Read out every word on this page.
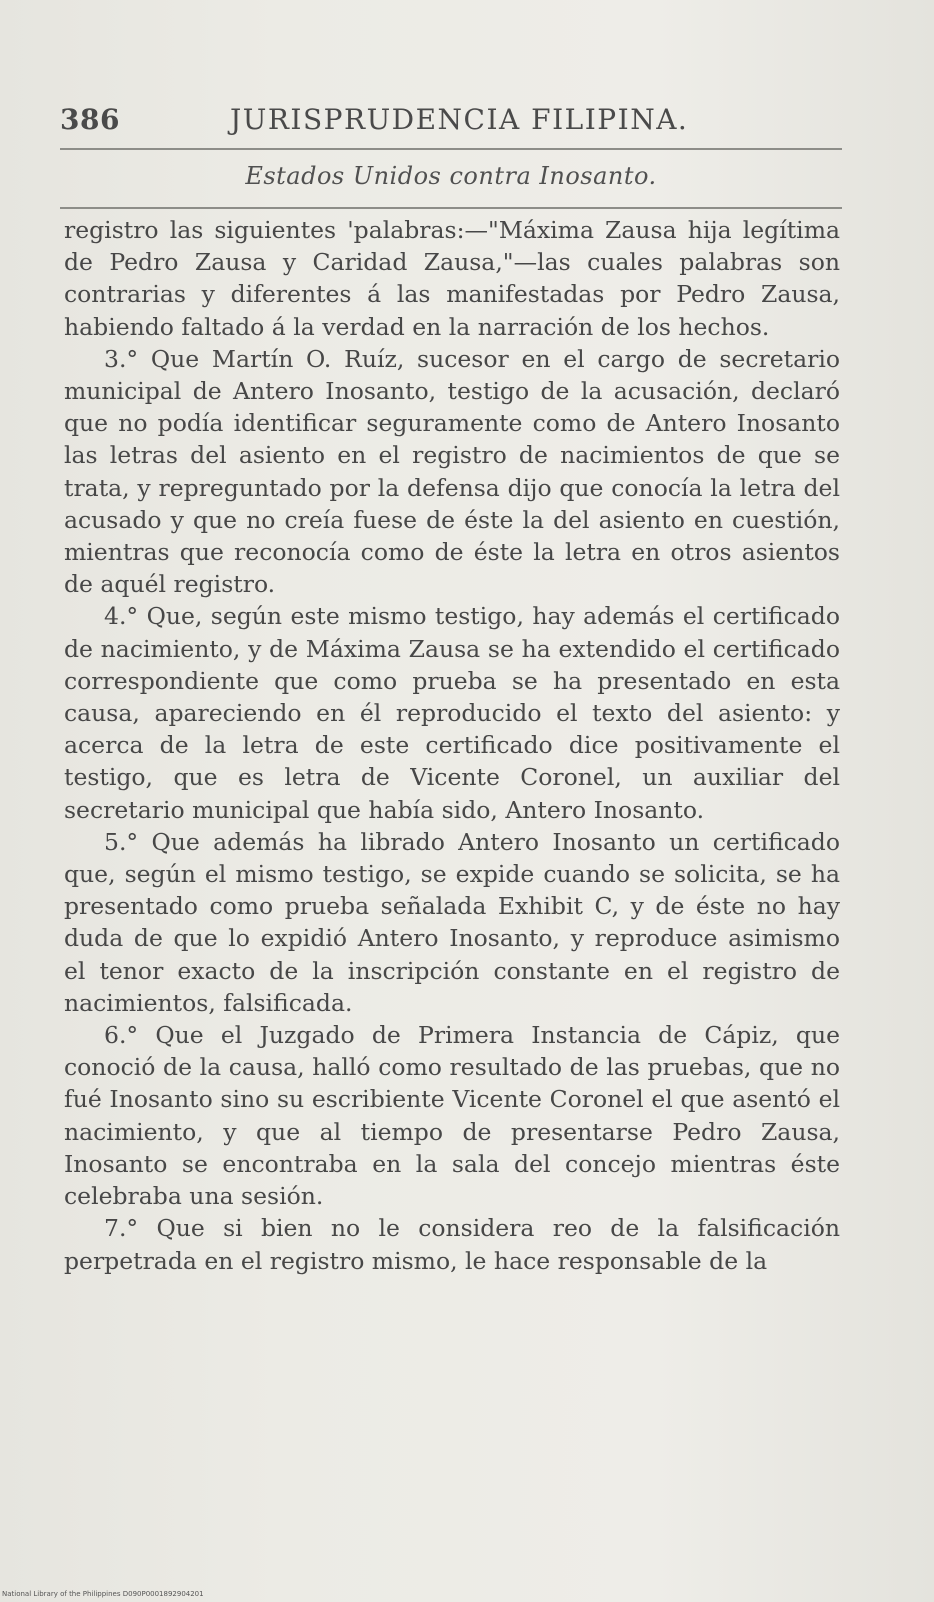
386	JURISPRUDENCIA FILIPINA.
Estados Unidos contra Inosanto.

registro las siguientes 'palabras:—"Máxima Zausa hija legítima de Pedro Zausa y Caridad Zausa,"—las cuales palabras son contrarias y diferentes á las manifestadas por Pedro Zausa, habiendo faltado á la verdad en la narración de los hechos.

3.° Que Martín O. Ruíz, sucesor en el cargo de secretario municipal de Antero Inosanto, testigo de la acusación, declaró que no podía identificar seguramente como de Antero Inosanto las letras del asiento en el registro de nacimientos de que se trata, y repreguntado por la defensa dijo que conocía la letra del acusado y que no creía fuese de éste la del asiento en cuestión, mientras que reconocía como de éste la letra en otros asientos de aquél registro.

4.° Que, según este mismo testigo, hay además el certificado de nacimiento, y de Máxima Zausa se ha extendido el certificado correspondiente que como prueba se ha presentado en esta causa, apareciendo en él reproducido el texto del asiento: y acerca de la letra de este certificado dice positivamente el testigo, que es letra de Vicente Coronel, un auxiliar del secretario municipal que había sido, Antero Inosanto.

5.° Que además ha librado Antero Inosanto un certificado que, según el mismo testigo, se expide cuando se solicita, se ha presentado como prueba señalada Exhibit C, y de éste no hay duda de que lo expidió Antero Inosanto, y reproduce asimismo el tenor exacto de la inscripción constante en el registro de nacimientos, falsificada.

6.° Que el Juzgado de Primera Instancia de Cápiz, que conoció de la causa, halló como resultado de las pruebas, que no fué Inosanto sino su escribiente Vicente Coronel el que asentó el nacimiento, y que al tiempo de presentarse Pedro Zausa, Inosanto se encontraba en la sala del concejo mientras éste celebraba una sesión.

7.° Que si bien no le considera reo de la falsificación perpetrada en el registro mismo, le hace responsable de la

National Library of the Philippines D090P0001892904201
